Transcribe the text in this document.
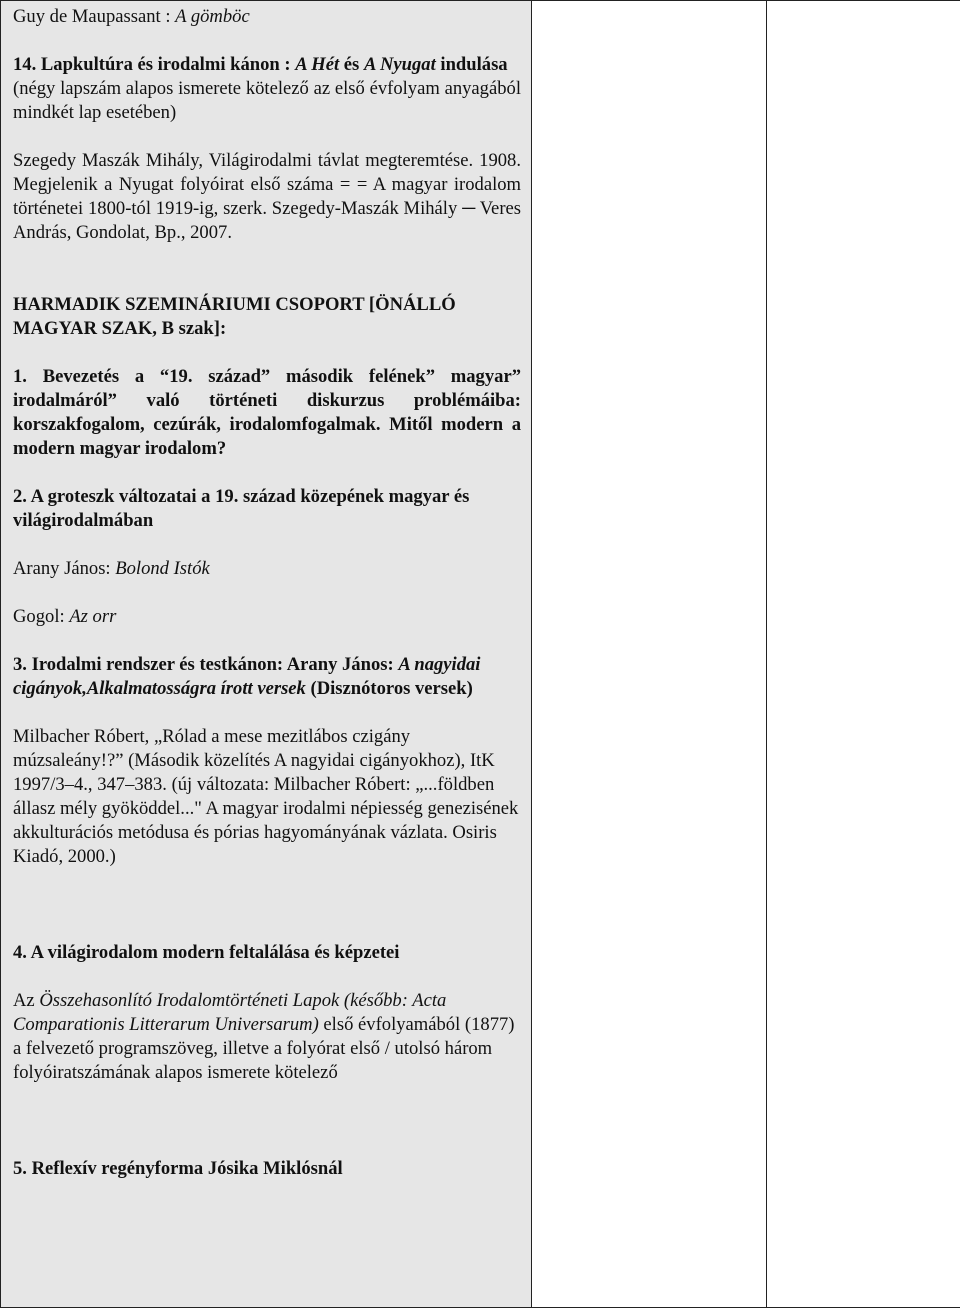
Guy de Maupassant : A gömböc

14. Lapkultúra és irodalmi kánon : A Hét és A Nyugat indulása

(négy lapszám alapos ismerete kötelező az első évfolyam anyagából mindkét lap esetében)

Szegedy Maszák Mihály, Világirodalmi távlat megteremtése. 1908. Megjelenik a Nyugat folyóirat első száma = = A magyar irodalom történetei 1800-tól 1919-ig, szerk. Szegedy-Maszák Mihály ─ Veres András, Gondolat, Bp., 2007.

HARMADIK SZEMINÁRIUMI CSOPORT [ÖNÁLLÓ MAGYAR SZAK, B szak]:

1. Bevezetés a “19. század” második felének” magyar” irodalmáról” való történeti diskurzus problémáiba: korszakfogalom, cezúrák, irodalomfogalmak. Mitől modern a modern magyar irodalom?

2. A groteszk változatai a 19. század közepének magyar és világirodalmában

Arany János: Bolond Istók

Gogol: Az orr

3. Irodalmi rendszer és testkánon: Arany János: A nagyidai cigányok,Alkalmatosságra írott versek (Disznótoros versek)

Milbacher Róbert, „Rólad a mese mezitlábos czigány múzsaleány!?” (Második közelítés A nagyidai cigányokhoz), ItK 1997/3–4., 347–383. (új változata: Milbacher Róbert: „...földben állasz mély gyököddel..." A magyar irodalmi népiesség genezisének akkulturációs metódusa és pórias hagyományának vázlata. Osiris Kiadó, 2000.)

4. A világirodalom modern feltalálása és képzetei

Az Összehasonlító Irodalomtörténeti Lapok (később: Acta Comparationis Litterarum Universarum) első évfolyamából (1877) a felvezető programszöveg, illetve a folyórat első / utolsó három folyóiratszámának alapos ismerete kötelező

5. Reflexív regényforma Jósika Miklósnál
